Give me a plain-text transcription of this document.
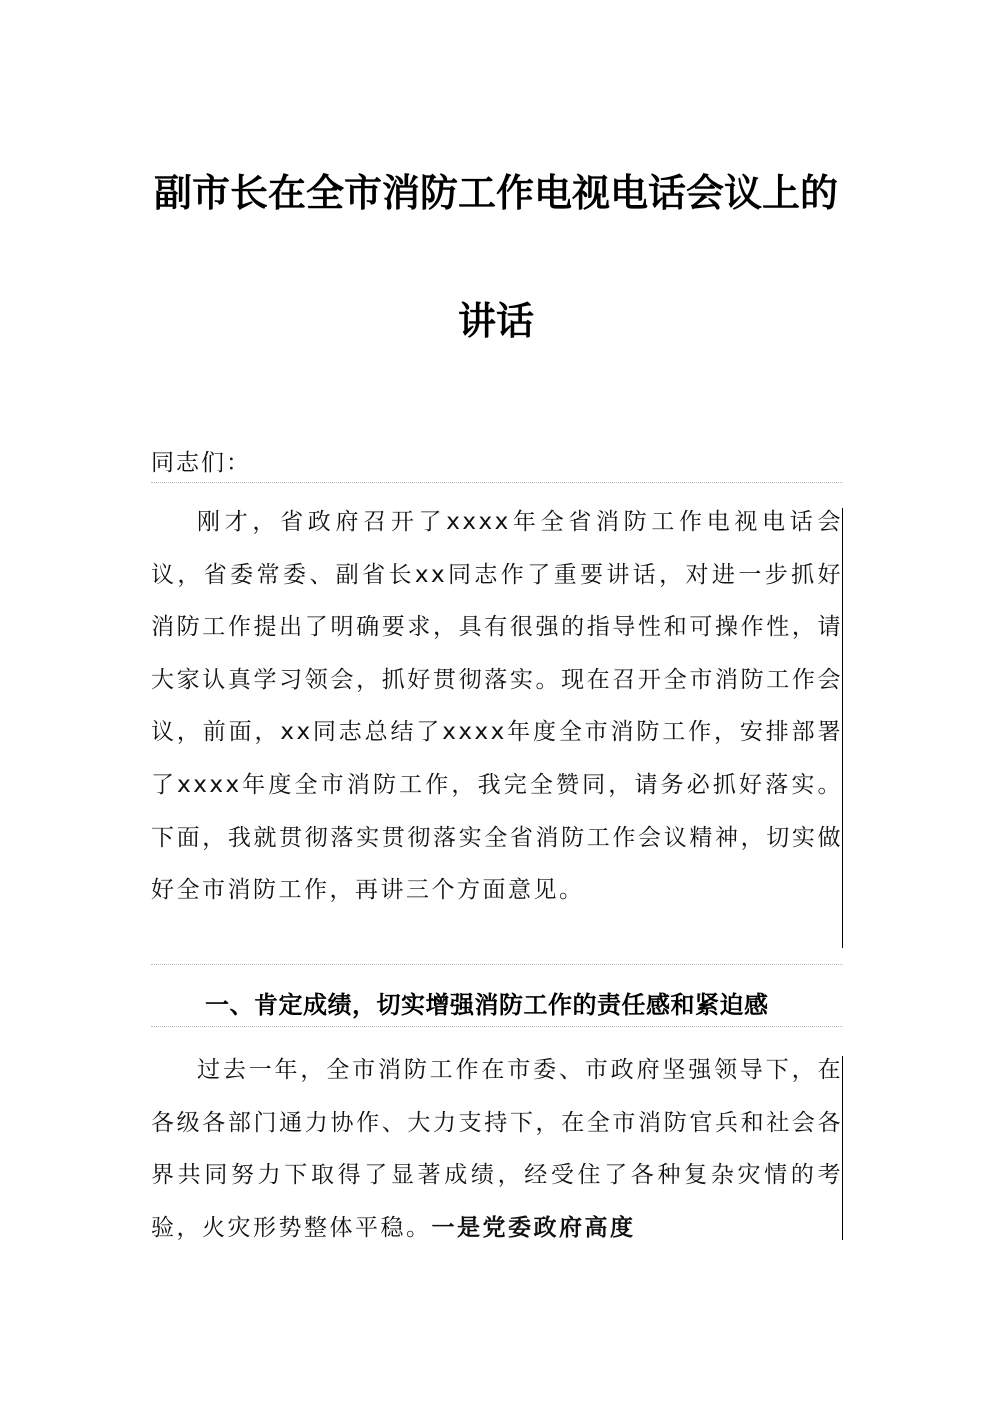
副市长在全市消防工作电视电话会议上的
讲话
同志们：
刚才，省政府召开了xxxx年全省消防工作电视电话会议，省委常委、副省长xx同志作了重要讲话，对进一步抓好消防工作提出了明确要求，具有很强的指导性和可操作性，请大家认真学习领会，抓好贯彻落实。现在召开全市消防工作会议，前面，xx同志总结了xxxx年度全市消防工作，安排部署了xxxx年度全市消防工作，我完全赞同，请务必抓好落实。下面，我就贯彻落实贯彻落实全省消防工作会议精神，切实做好全市消防工作，再讲三个方面意见。
一、肯定成绩，切实增强消防工作的责任感和紧迫感
过去一年，全市消防工作在市委、市政府坚强领导下，在各级各部门通力协作、大力支持下，在全市消防官兵和社会各界共同努力下取得了显著成绩，经受住了各种复杂灾情的考验，火灾形势整体平稳。一是党委政府高度
